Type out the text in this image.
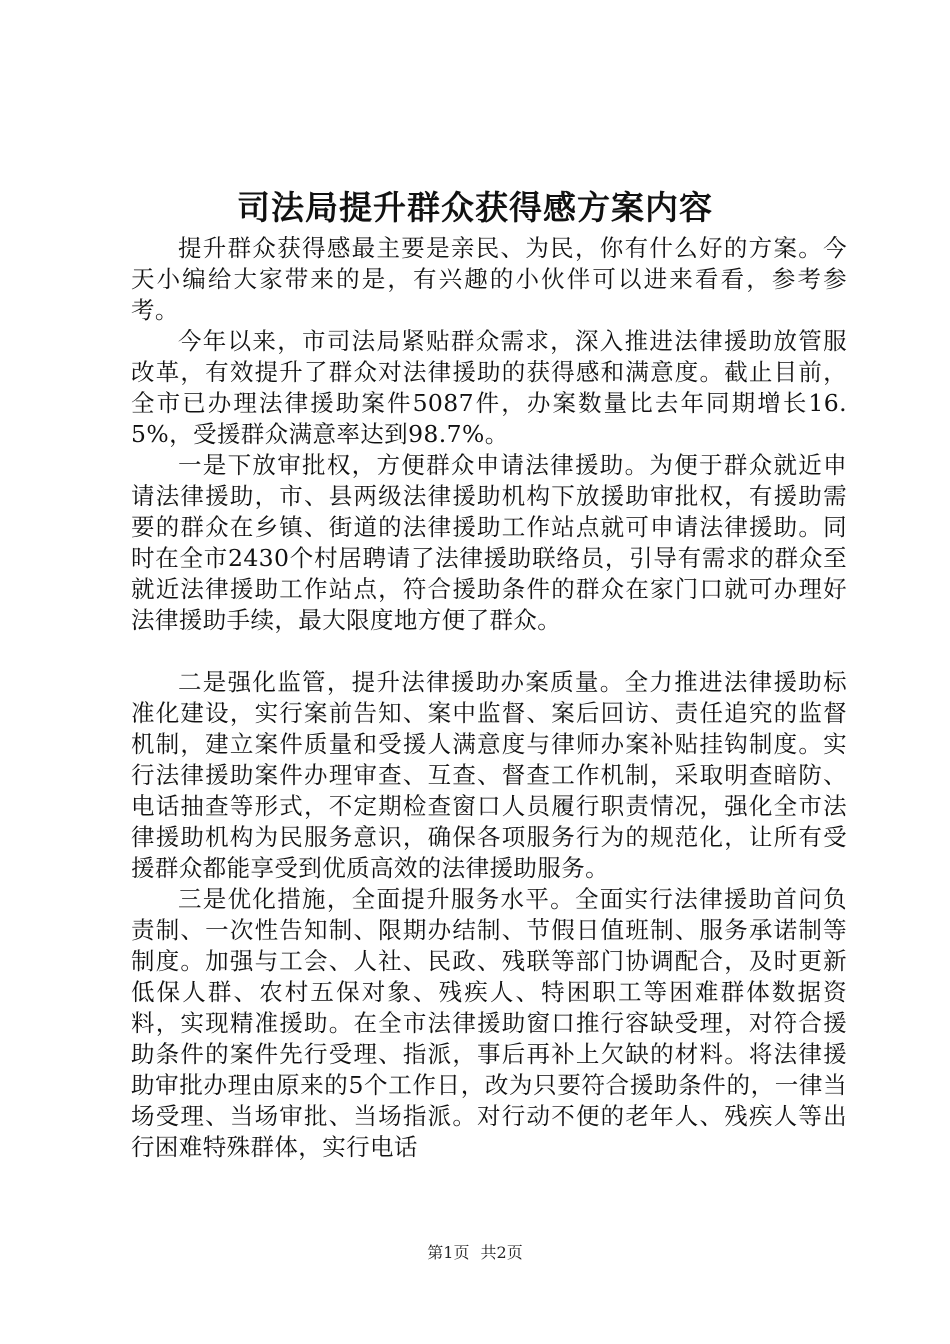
司法局提升群众获得感方案内容

提升群众获得感最主要是亲民、为民，你有什么好的方案。今天小编给大家带来的是，有兴趣的小伙伴可以进来看看，参考参考。

今年以来，市司法局紧贴群众需求，深入推进法律援助放管服改革，有效提升了群众对法律援助的获得感和满意度。截止目前，全市已办理法律援助案件5087件，办案数量比去年同期增长16.5%，受援群众满意率达到98.7%。

一是下放审批权，方便群众申请法律援助。为便于群众就近申请法律援助，市、县两级法律援助机构下放援助审批权，有援助需要的群众在乡镇、街道的法律援助工作站点就可申请法律援助。同时在全市2430个村居聘请了法律援助联络员，引导有需求的群众至就近法律援助工作站点，符合援助条件的群众在家门口就可办理好法律援助手续，最大限度地方便了群众。

二是强化监管，提升法律援助办案质量。全力推进法律援助标准化建设，实行案前告知、案中监督、案后回访、责任追究的监督机制，建立案件质量和受援人满意度与律师办案补贴挂钩制度。实行法律援助案件办理审查、互查、督查工作机制，采取明查暗防、电话抽查等形式，不定期检查窗口人员履行职责情况，强化全市法律援助机构为民服务意识，确保各项服务行为的规范化，让所有受援群众都能享受到优质高效的法律援助服务。

三是优化措施，全面提升服务水平。全面实行法律援助首问负责制、一次性告知制、限期办结制、节假日值班制、服务承诺制等制度。加强与工会、人社、民政、残联等部门协调配合，及时更新低保人群、农村五保对象、残疾人、特困职工等困难群体数据资料，实现精准援助。在全市法律援助窗口推行容缺受理，对符合援助条件的案件先行受理、指派，事后再补上欠缺的材料。将法律援助审批办理由原来的5个工作日，改为只要符合援助条件的，一律当场受理、当场审批、当场指派。对行动不便的老年人、残疾人等出行困难特殊群体，实行电话

第1页 共2页
